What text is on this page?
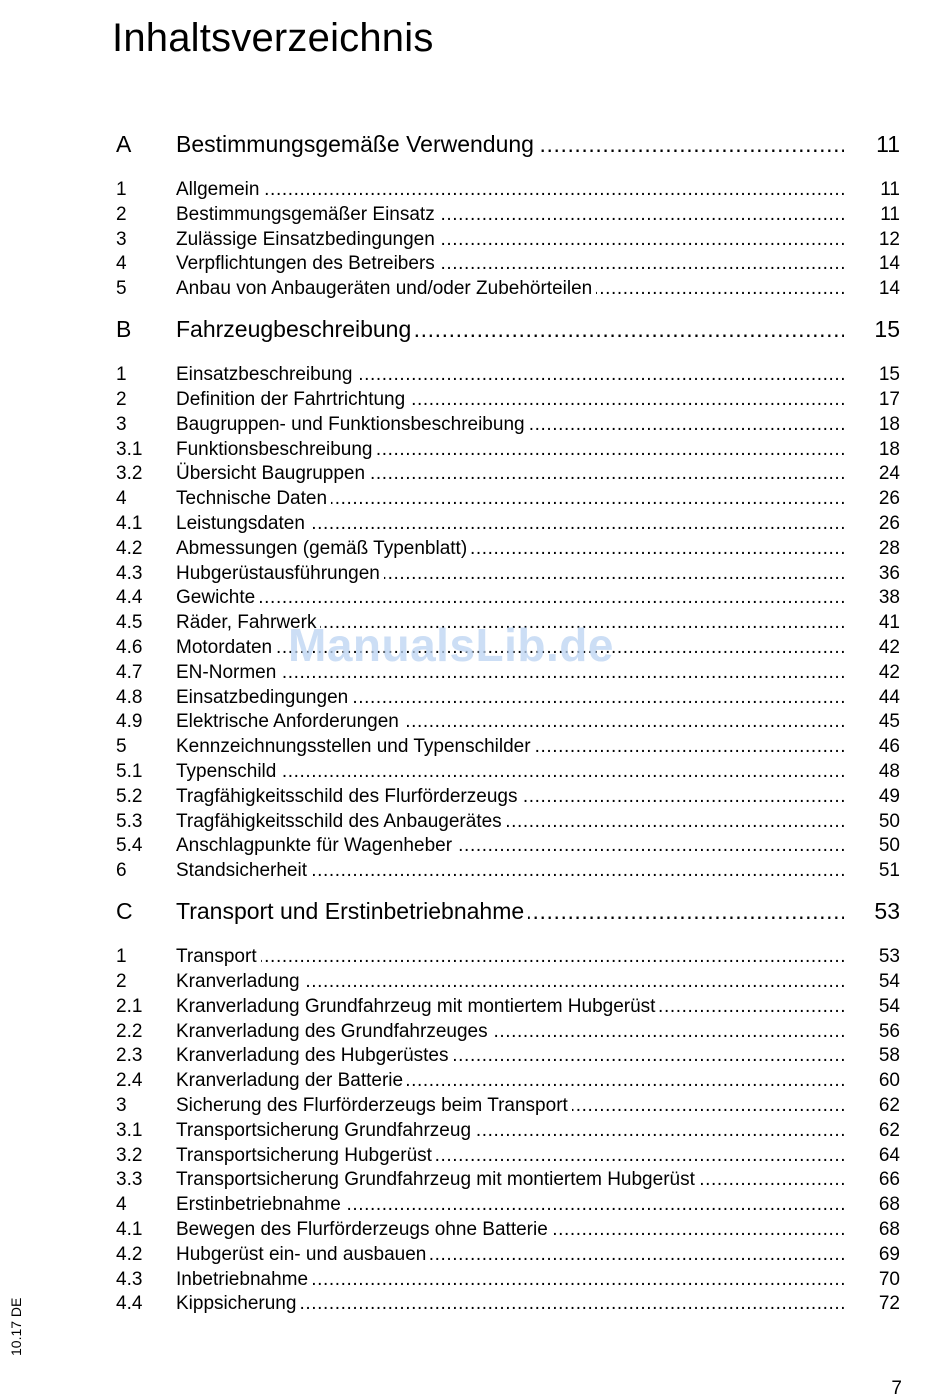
Inhaltsverzeichnis
A	Bestimmungsgemäße Verwendung .....	11
1	Allgemein .....	11
2	Bestimmungsgemäßer Einsatz .....	11
3	Zulässige Einsatzbedingungen .....	12
4	Verpflichtungen des Betreibers .....	14
5	Anbau von Anbaugeräten und/oder Zubehörteilen .....	14
B	Fahrzeugbeschreibung .....	15
1	Einsatzbeschreibung .....	15
2	Definition der Fahrtrichtung .....	17
3	Baugruppen- und Funktionsbeschreibung .....	18
3.1	Funktionsbeschreibung .....	18
3.2	Übersicht Baugruppen .....	24
4	Technische Daten .....	26
4.1	Leistungsdaten .....	26
4.2	Abmessungen (gemäß Typenblatt) .....	28
4.3	Hubgerüstausführungen .....	36
4.4	Gewichte .....	38
4.5	Räder, Fahrwerk .....	41
4.6	Motordaten .....	42
4.7	EN-Normen .....	42
4.8	Einsatzbedingungen .....	44
4.9	Elektrische Anforderungen .....	45
5	Kennzeichnungsstellen und Typenschilder .....	46
5.1	Typenschild .....	48
5.2	Tragfähigkeitsschild des Flurförderzeugs .....	49
5.3	Tragfähigkeitsschild des Anbaugerätes .....	50
5.4	Anschlagpunkte für Wagenheber .....	50
6	Standsicherheit .....	51
C	Transport und Erstinbetriebnahme .....	53
1	Transport .....	53
2	Kranverladung .....	54
2.1	Kranverladung Grundfahrzeug mit montiertem Hubgerüst .....	54
2.2	Kranverladung des Grundfahrzeuges .....	56
2.3	Kranverladung des Hubgerüstes .....	58
2.4	Kranverladung der Batterie .....	60
3	Sicherung des Flurförderzeugs beim Transport .....	62
3.1	Transportsicherung Grundfahrzeug .....	62
3.2	Transportsicherung Hubgerüst .....	64
3.3	Transportsicherung Grundfahrzeug mit montiertem Hubgerüst .....	66
4	Erstinbetriebnahme .....	68
4.1	Bewegen des Flurförderzeugs ohne Batterie .....	68
4.2	Hubgerüst ein- und ausbauen .....	69
4.3	Inbetriebnahme .....	70
4.4	Kippsicherung .....	72
ManualsLib.de
10.17 DE
7
